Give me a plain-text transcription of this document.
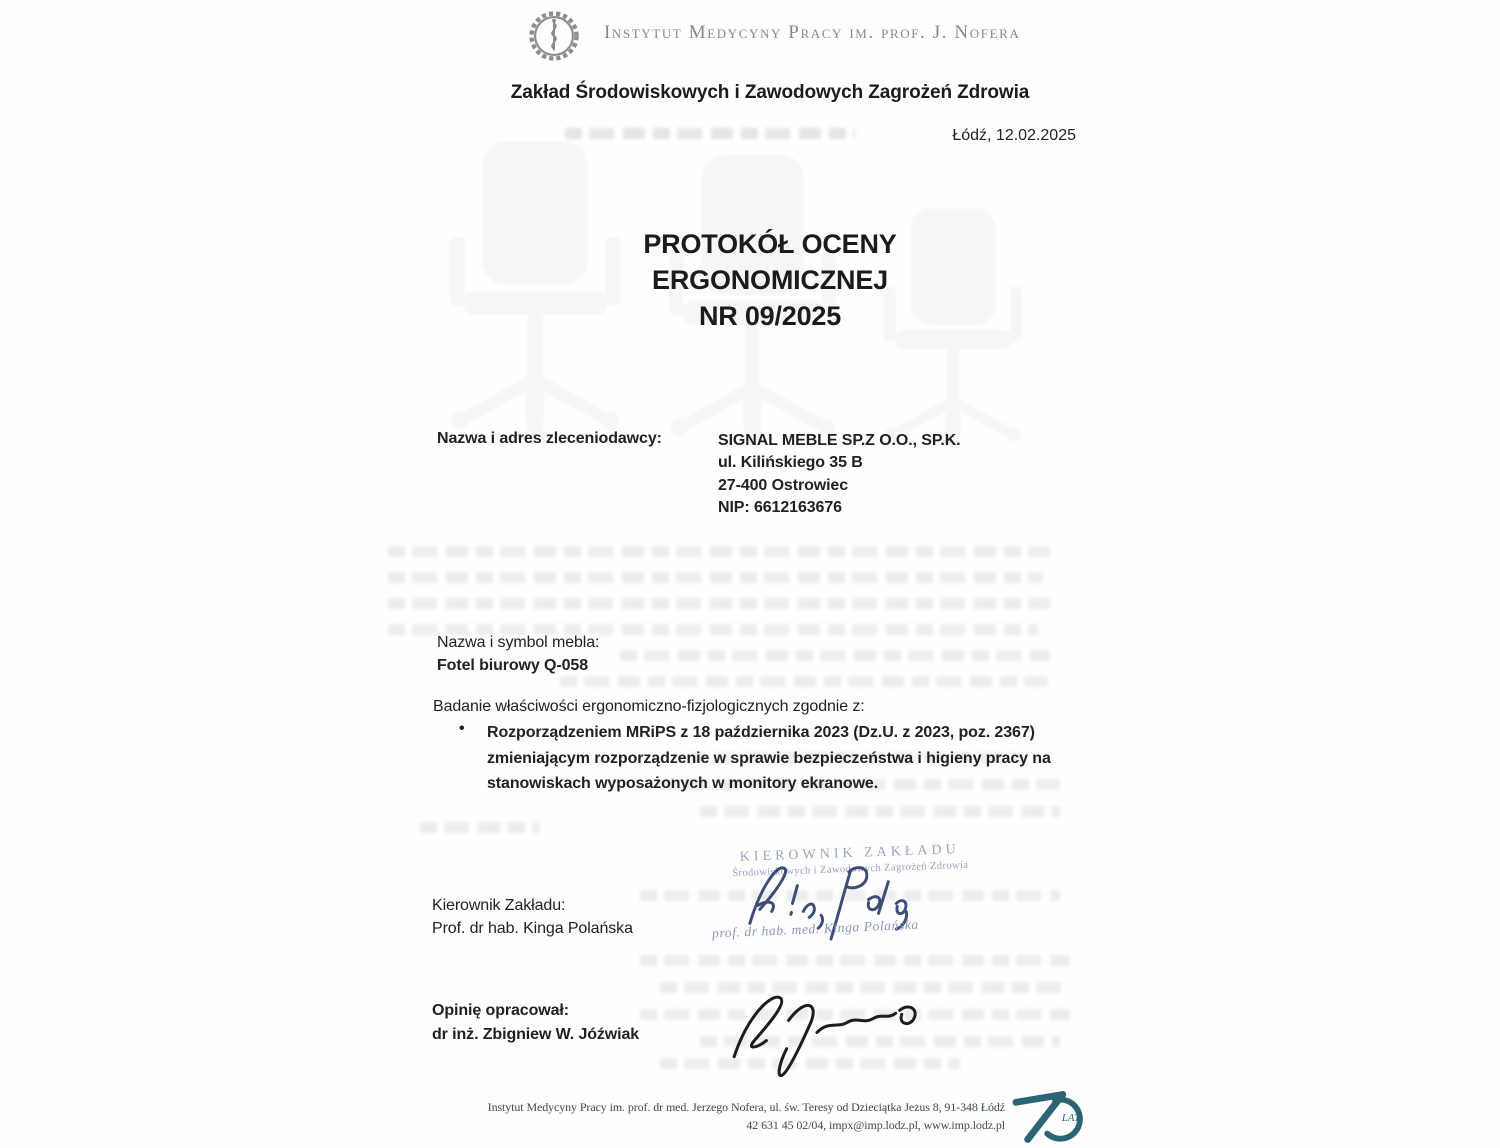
Instytut Medycyny Pracy im. prof. J. Nofera
Zakład Środowiskowych i Zawodowych Zagrożeń Zdrowia
Łódź, 12.02.2025
PROTOKÓŁ OCENY
ERGONOMICZNEJ
NR 09/2025
Nazwa i adres zleceniodawcy:	SIGNAL MEBLE SP.Z O.O., SP.K.
ul. Kilińskiego 35 B
27-400 Ostrowiec
NIP: 6612163676
Nazwa i symbol mebla:
Fotel biurowy Q-058
Badanie właściwości ergonomiczno-fizjologicznych zgodnie z:
• Rozporządzeniem MRiPS z 18 października 2023 (Dz.U. z 2023, poz. 2367) zmieniającym rozporządzenie w sprawie bezpieczeństwa i higieny pracy na stanowiskach wyposażonych w monitory ekranowe.
KIEROWNIK ZAKŁADU
Środowiskowych i Zawodowych Zagrożeń Zdrowia
prof. dr hab. med. Kinga Polańska
Kierownik Zakładu:
Prof. dr hab. Kinga Polańska
Opinię opracował:
dr inż. Zbigniew W. Jóźwiak
Instytut Medycyny Pracy im. prof. dr med. Jerzego Nofera, ul. św. Teresy od Dzieciątka Jezus 8, 91-348 Łódź
42 631 45 02/04, impx@imp.lodz.pl, www.imp.lodz.pl	LAT
